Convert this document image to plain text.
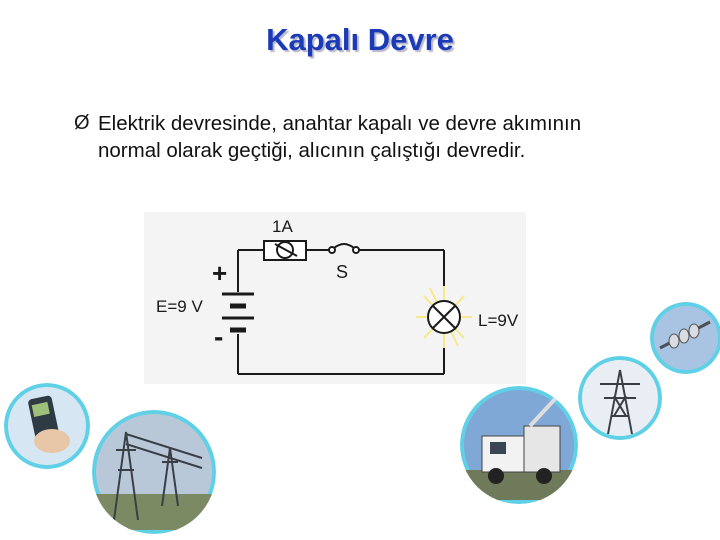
Kapalı Devre
Ø Elektrik devresinde, anahtar kapalı ve devre akımının
normal olarak geçtiği, alıcının çalıştığı devredir.
1A
S
+
E=9 V
-
L=9V
